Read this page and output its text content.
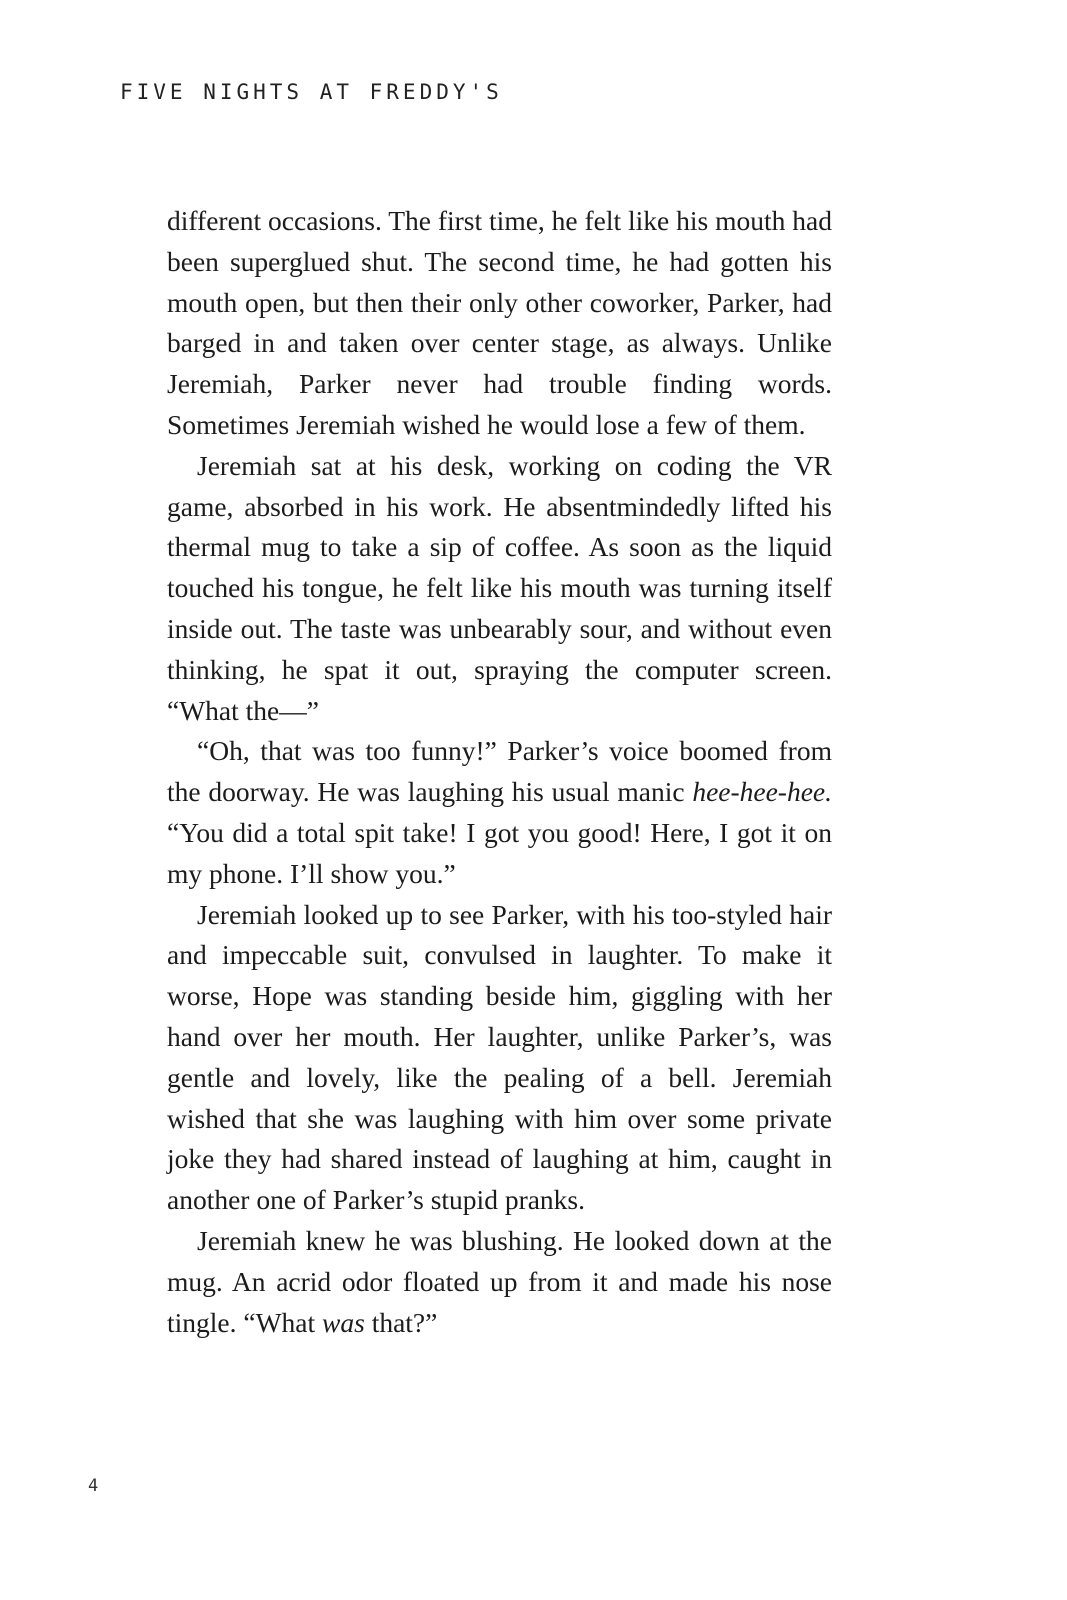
FIVE NIGHTS AT FREDDY'S

different occasions. The first time, he felt like his mouth had been superglued shut. The second time, he had gotten his mouth open, but then their only other coworker, Parker, had barged in and taken over center stage, as always. Unlike Jeremiah, Parker never had trouble finding words. Sometimes Jeremiah wished he would lose a few of them.

Jeremiah sat at his desk, working on coding the VR game, absorbed in his work. He absentmindedly lifted his thermal mug to take a sip of coffee. As soon as the liquid touched his tongue, he felt like his mouth was turning itself inside out. The taste was unbearably sour, and without even thinking, he spat it out, spraying the computer screen. “What the—”

“Oh, that was too funny!” Parker’s voice boomed from the doorway. He was laughing his usual manic hee-hee-hee. “You did a total spit take! I got you good! Here, I got it on my phone. I’ll show you.”

Jeremiah looked up to see Parker, with his too-styled hair and impeccable suit, convulsed in laughter. To make it worse, Hope was standing beside him, giggling with her hand over her mouth. Her laughter, unlike Parker’s, was gentle and lovely, like the pealing of a bell. Jeremiah wished that she was laughing with him over some private joke they had shared instead of laughing at him, caught in another one of Parker’s stupid pranks.

Jeremiah knew he was blushing. He looked down at the mug. An acrid odor floated up from it and made his nose tingle. “What was that?”

4
